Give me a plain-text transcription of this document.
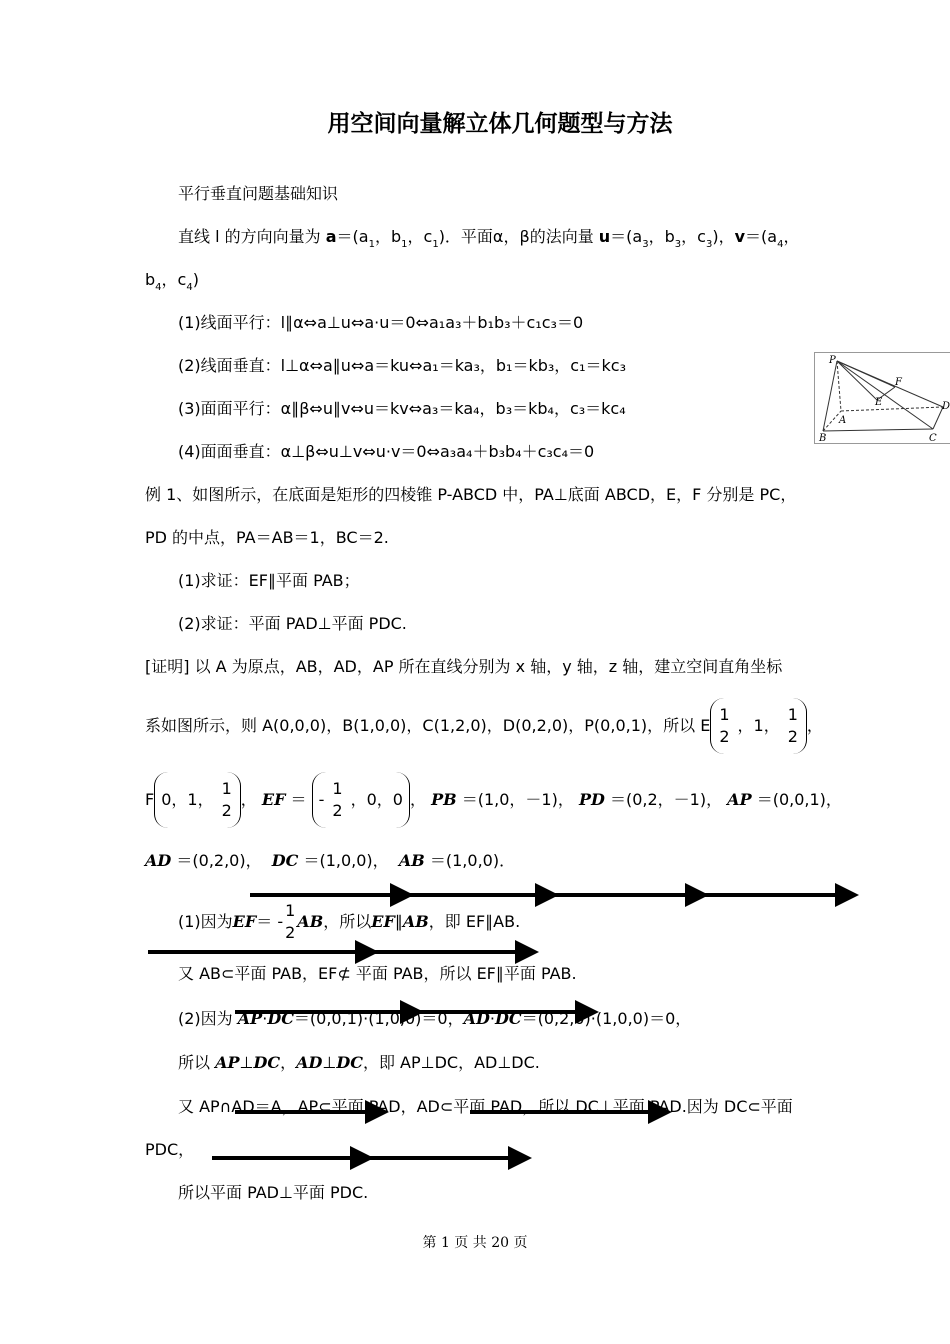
用空间向量解立体几何题型与方法
平行垂直问题基础知识
直线 l 的方向向量为 $a=(a_1$，$b_1$，$c_1$)．平面α，β的法向量 $u=(a_3$，$b_3$，$c_3$)，$v=(a_4$，
$b_4$，$c_4$)
(1)线面平行：l∥α⇔a⊥u⇔a·u＝0⇔a₁a₃＋b₁b₃＋c₁c₃＝0
(2)线面垂直：l⊥α⇔a∥u⇔a＝ku⇔a₁＝ka₃，b₁＝kb₃，c₁＝kc₃
(3)面面平行：α∥β⇔u∥v⇔u＝kv⇔a₃＝ka₄，b₃＝kb₄，c₃＝kc₄
(4)面面垂直：α⊥β⇔u⊥v⇔u·v＝0⇔a₃a₄＋b₃b₄＋c₃c₄＝0
P
F
E	D
A
B	C
例 1、如图所示，在底面是矩形的四棱锥 P-ABCD 中，PA⊥底面 ABCD，E，F 分别是 PC，
PD 的中点，PA＝AB＝1，BC＝2.
(1)求证：EF∥平面 PAB；
(2)求证：平面 PAD⊥平面 PDC.
[证明] 以 A 为原点，AB，AD，AP 所在直线分别为 x 轴，y 轴，z 轴，建立空间直角坐标
系如图所示，则 A(0,0,0)，B(1,0,0)，C(1,2,0)，D(0,2,0)，P(0,0,1)，所以 E
1
2
，1，
1
2
，
F 0，1，
1
2
，
EF ＝ -
1
2
，0，0 ，
PB
＝(1,0，－1)，
PD
＝(0,2，－1)，
AP
＝(0,0,1)，
AD ＝(0,2,0)， DC ＝(1,0,0)， AB ＝(1,0,0)．
(1)因为 EF ＝ -
1
2
AB ，所以 EF ∥ AB ，即 EF∥AB.
又 AB⊂平面 PAB，EF⊄ 平面 PAB，所以 EF∥平面 PAB.
(2)因为 AP·DC＝(0,0,1)·(1,0,0)＝0，AD·DC＝(0,2,0)·(1,0,0)＝0，
所以 AP⊥DC，AD⊥DC，即 AP⊥DC，AD⊥DC.
又 AP∩AD＝A，AP⊂平面 PAD，AD⊂平面 PAD，所以 DC⊥平面 PAD.因为 DC⊂平面
PDC，
所以平面 PAD⊥平面 PDC.
第 1 页 共 20 页
